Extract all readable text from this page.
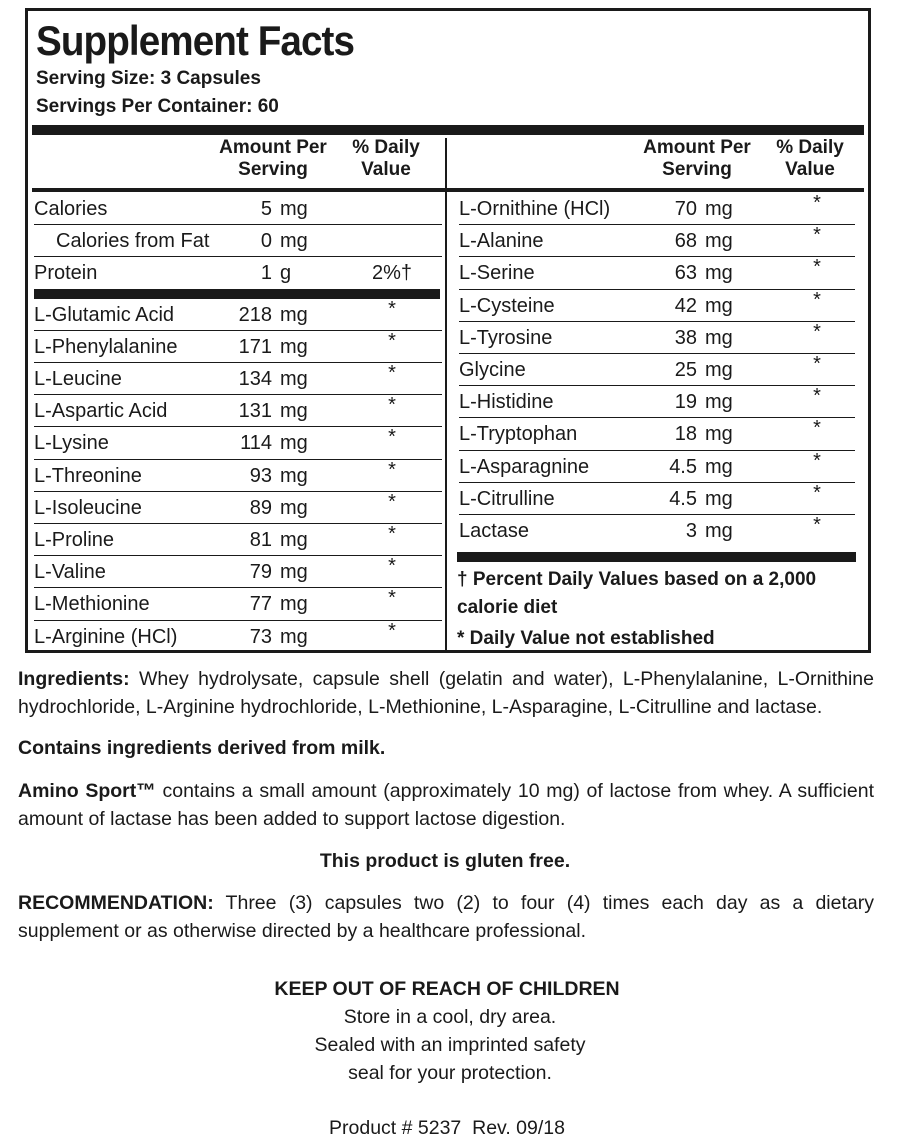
Supplement Facts
Serving Size: 3 Capsules
Servings Per Container: 60
Amount Per
Serving
% Daily
Value
Amount Per
Serving
% Daily
Value
Calories	5 mg
Calories from Fat	0 mg
Protein	1 g	2%†
L-Glutamic Acid	218 mg	*
L-Phenylalanine	171 mg	*
L-Leucine	134 mg	*
L-Aspartic Acid	131 mg	*
L-Lysine	114 mg	*
L-Threonine	93 mg	*
L-Isoleucine	89 mg	*
L-Proline	81 mg	*
L-Valine	79 mg	*
L-Methionine	77 mg	*
L-Arginine (HCl)	73 mg	*
L-Ornithine (HCl)	70 mg	*
L-Alanine	68 mg	*
L-Serine	63 mg	*
L-Cysteine	42 mg	*
L-Tyrosine	38 mg	*
Glycine	25 mg	*
L-Histidine	19 mg	*
L-Tryptophan	18 mg	*
L-Asparagnine	4.5 mg	*
L-Citrulline	4.5 mg	*
Lactase	3 mg	*
† Percent Daily Values based on a 2,000
calorie diet
* Daily Value not established
Ingredients: Whey hydrolysate, capsule shell (gelatin and water), L-Phenylalanine, L-Ornithine hydrochloride, L-Arginine hydrochloride, L-Methionine, L-Asparagine, L-Citrulline and lactase.
Contains ingredients derived from milk.
Amino Sport™ contains a small amount (approximately 10 mg) of lactose from whey. A sufficient amount of lactase has been added to support lactose digestion.
This product is gluten free.
RECOMMENDATION: Three (3) capsules two (2) to four (4) times each day as a dietary supplement or as otherwise directed by a healthcare professional.
KEEP OUT OF REACH OF CHILDREN
Store in a cool, dry area.
Sealed with an imprinted safety
seal for your protection.
Product # 5237  Rev. 09/18
